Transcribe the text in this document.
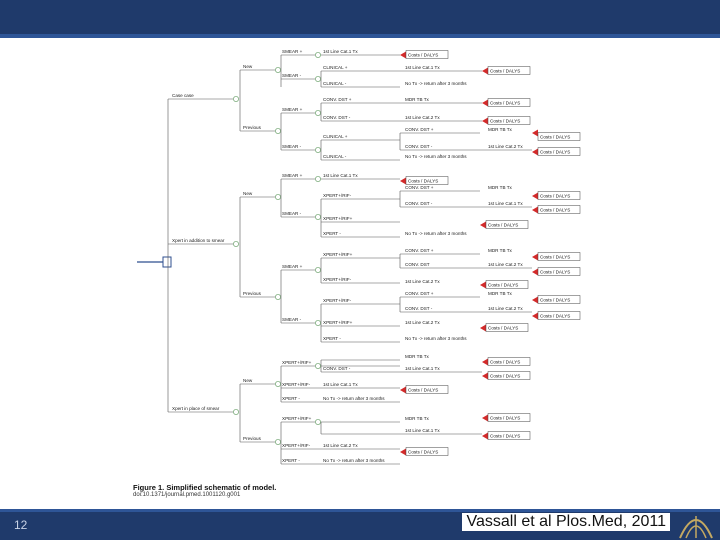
Case case
Xpert in addition to smear
Xpert in place of smear
New
Previous
New
Previous
New
Previous
SMEAR +
SMEAR -
1st Line Cat.1 Tx
Costs / DALYS
CLINICAL +	1st Line Cat.1 Tx
Costs / DALYS
CLINICAL -	No Tx -> return after 3 months
SMEAR +
SMEAR -
CONV. DST +	MDR TB Tx
Costs / DALYS
CONV. DST -	1st Line Cat.2 Tx
Costs / DALYS
CLINICAL +
CONV. DST +	MDR TB Tx
Costs / DALYS
CONV. DST -	1st Line Cat.2 Tx
Costs / DALYS
CLINICAL -	No Tx -> return after 3 months
SMEAR +
SMEAR -
1st Line Cat.1 Tx
Costs / DALYS
XPERT+/RIF-
CONV. DST +	MDR TB Tx
Costs / DALYS
CONV. DST -	1st Line Cat.1 Tx
Costs / DALYS
XPERT+/RIF+
Costs / DALYS
XPERT -	No Tx -> return after 3 months
SMEAR +
SMEAR -
XPERT+/RIF+
CONV. DST +	MDR TB Tx
Costs / DALYS
CONV. DST	1st Line Cat.2 Tx
Costs / DALYS
XPERT+/RIF-	1st Line Cat.2 Tx
Costs / DALYS
XPERT+/RIF-
CONV. DST +	MDR TB Tx
Costs / DALYS
CONV. DST -	1st Line Cat.2 Tx
Costs / DALYS
XPERT+/RIF+	1st Line Cat.2 Tx
Costs / DALYS
XPERT -	No Tx -> return after 3 months
XPERT+/RIF+
MDR TB Tx
Costs / DALYS
CONV. DST -	1st Line Cat.1 Tx
Costs / DALYS
XPERT+/RIF-	1st Line Cat.1 Tx
Costs / DALYS
XPERT -	No Tx -> return after 3 months
XPERT+/RIF+	MDR TB Tx	Costs / DALYS
1st Line Cat.1 Tx
Costs / DALYS
XPERT+/RIF-	1st Line Cat.2 Tx
Costs / DALYS
XPERT -	No Tx -> return after 3 months
Figure 1. Simplified schematic of model.
doi:10.1371/journal.pmed.1001120.g001
12	Vassall et al Plos.Med, 2011
